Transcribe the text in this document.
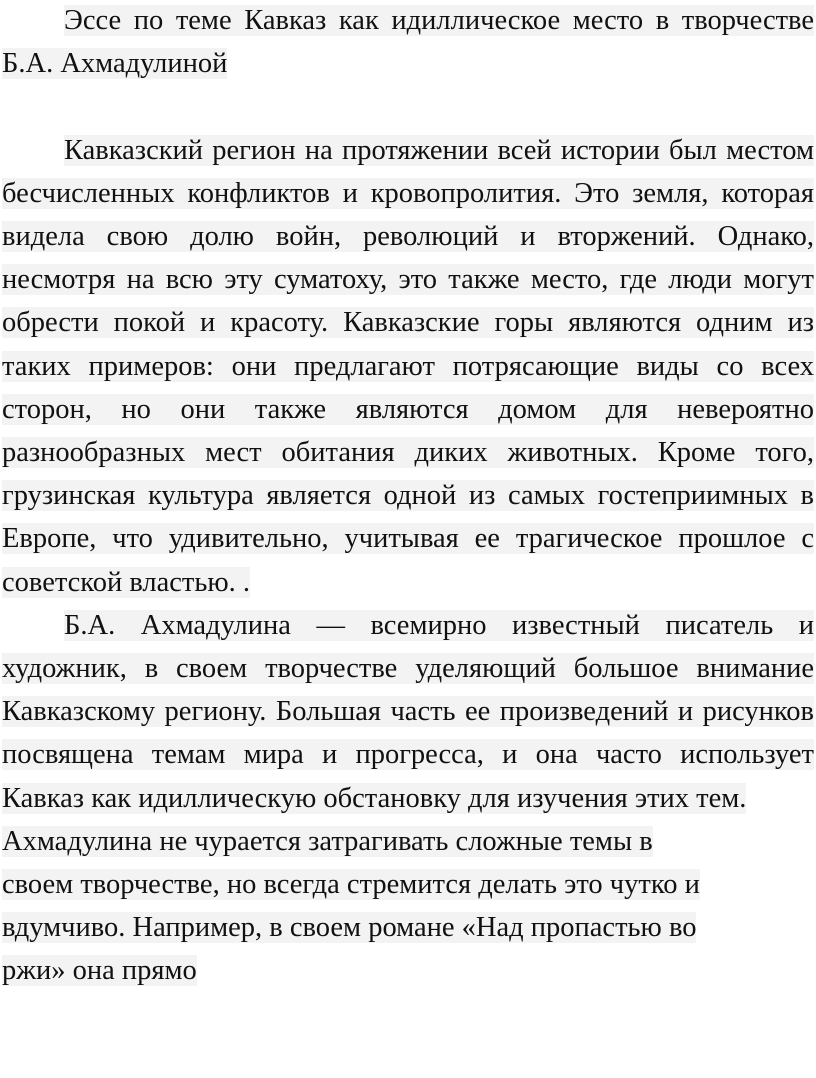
Эссе по теме Кавказ как идиллическое место в творчестве Б.А. Ахмадулиной

Кавказский регион на протяжении всей истории был местом бесчисленных конфликтов и кровопролития. Это земля, которая видела свою долю войн, революций и вторжений. Однако, несмотря на всю эту суматоху, это также место, где люди могут обрести покой и красоту. Кавказские горы являются одним из таких примеров: они предлагают потрясающие виды со всех сторон, но они также являются домом для невероятно разнообразных мест обитания диких животных. Кроме того, грузинская культура является одной из самых гостеприимных в Европе, что удивительно, учитывая ее трагическое прошлое с советской властью. .

Б.А. Ахмадулина — всемирно известный писатель и художник, в своем творчестве уделяющий большое внимание Кавказскому региону. Большая часть ее произведений и рисунков посвящена темам мира и прогресса, и она часто использует Кавказ как идиллическую обстановку для изучения этих тем.

Ахмадулина не чурается затрагивать сложные темы в

своем творчестве, но всегда стремится делать это чутко и

вдумчиво. Например, в своем романе «Над пропастью во

ржи» она прямо
